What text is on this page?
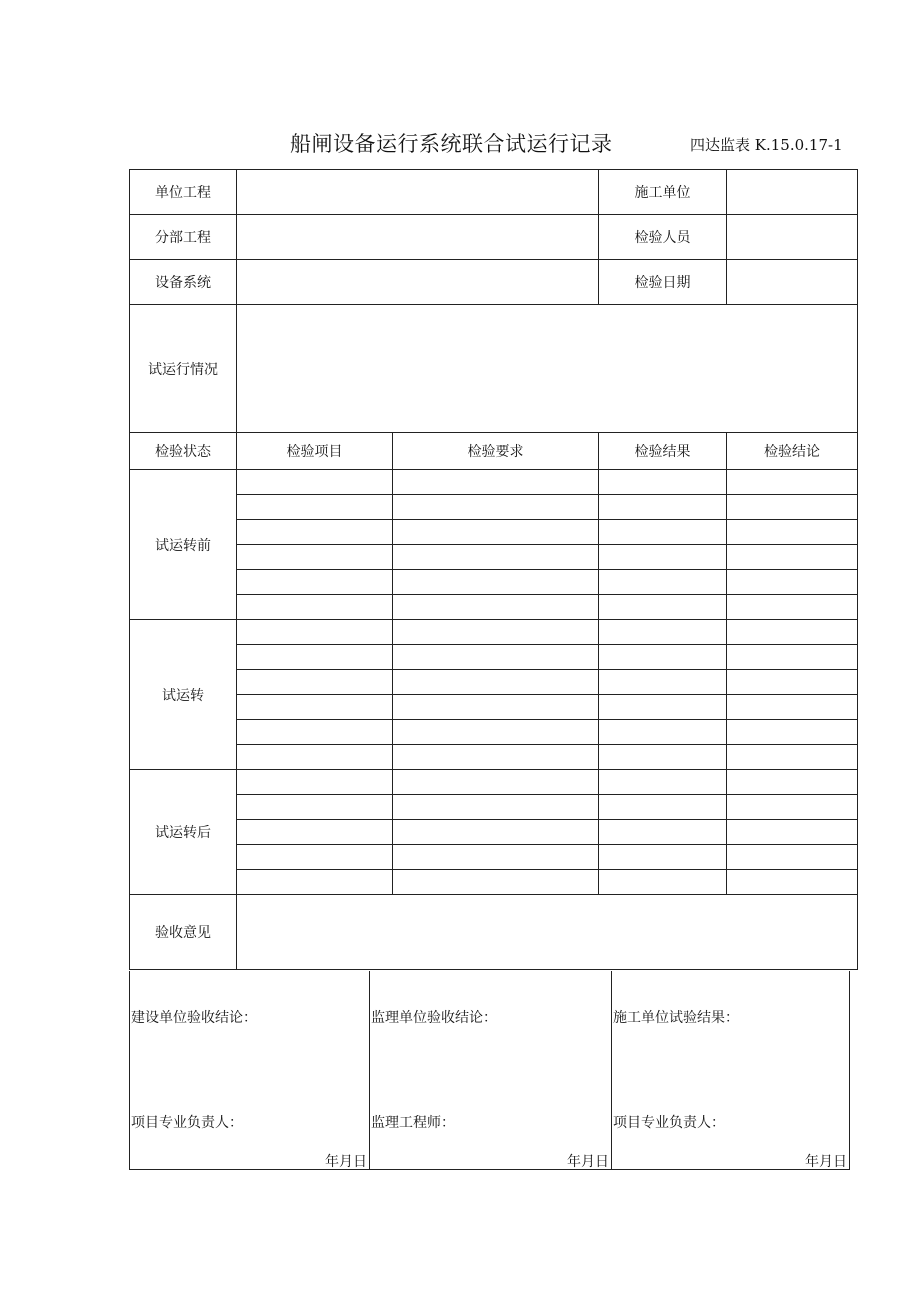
船闸设备运行系统联合试运行记录	四达监表 K.15.0.17-1
单位工程			施工单位	
分部工程			检验人员	
设备系统			检验日期	
试运行情况				
检验状态	检验项目	检验要求	检验结果	检验结论
试运转前				

试运转				

试运转后				

验收意见				
建设单位验收结论：
项目专业负责人：
年月日

监理单位验收结论：
监理工程师：
年月日

施工单位试验结果：
项目专业负责人：
年月日
